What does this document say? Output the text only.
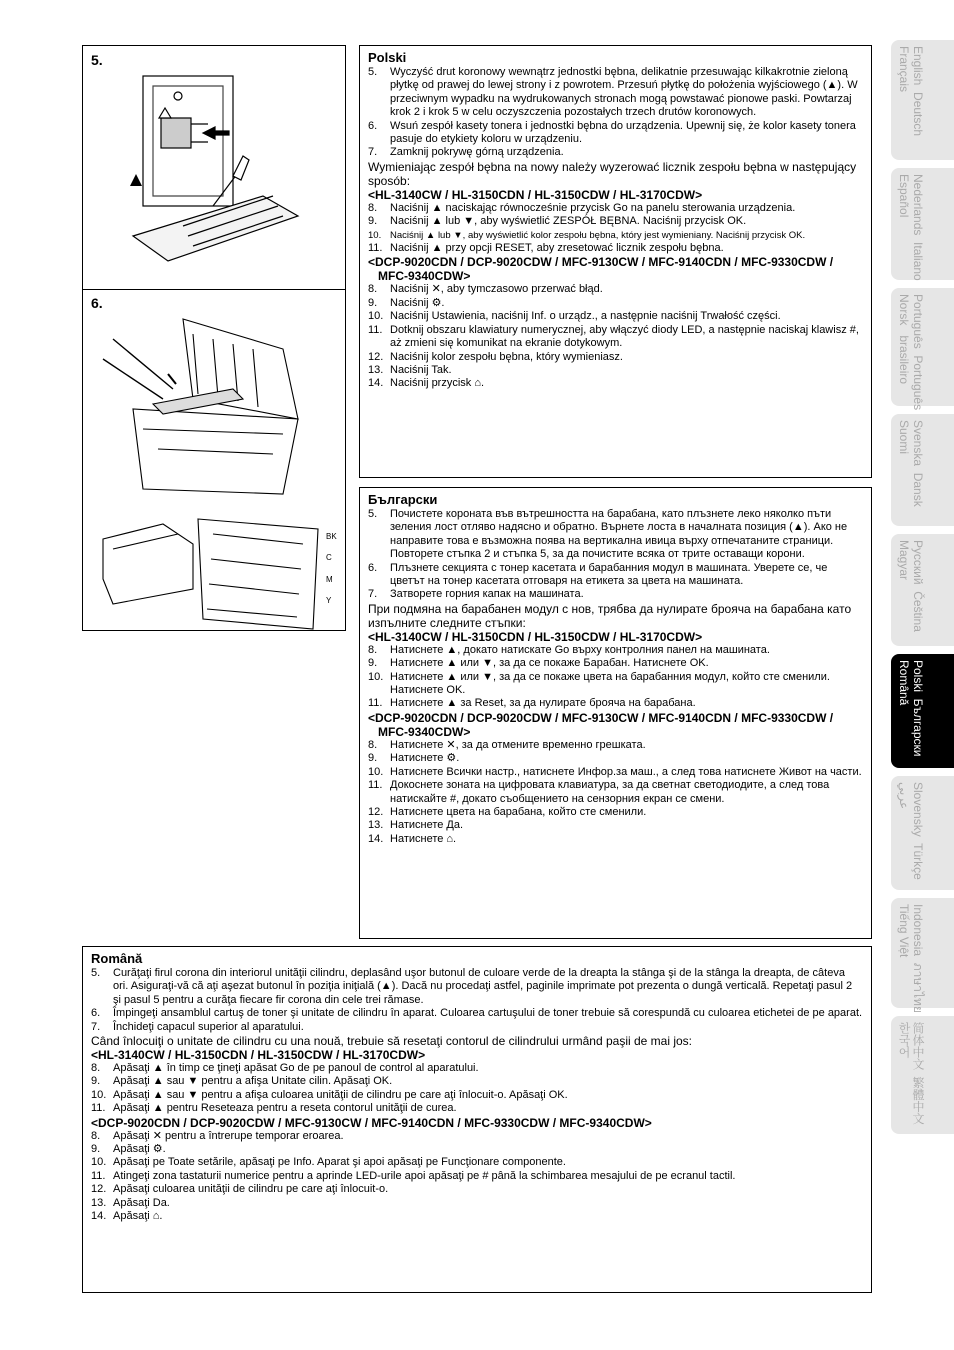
5.
6.
BK
C
M
Y
Polski
5. Wyczyść drut koronowy wewnątrz jednostki bębna, delikatnie przesuwając kilkakrotnie zieloną płytkę od prawej do lewej strony i z powrotem. Przesuń płytkę do położenia wyjściowego (▲). W przeciwnym wypadku na wydrukowanych stronach mogą powstawać pionowe paski. Powtarzaj krok 2 i krok 5 w celu oczyszczenia pozostałych trzech drutów koronowych.
6. Wsuń zespół kasety tonera i jednostki bębna do urządzenia. Upewnij się, że kolor kasety tonera pasuje do etykiety koloru w urządzeniu.
7. Zamknij pokrywę górną urządzenia.
Wymieniając zespół bębna na nowy należy wyzerować licznik zespołu bębna w następujący sposób:
<HL-3140CW / HL-3150CDN / HL-3150CDW / HL-3170CDW>
8. Naciśnij ▲ naciskając równocześnie przycisk Go na panelu sterowania urządzenia.
9. Naciśnij ▲ lub ▼, aby wyświetlić ZESPÓŁ BĘBNA. Naciśnij przycisk OK.
10. Naciśnij ▲ lub ▼, aby wyświetlić kolor zespołu bębna, który jest wymieniany. Naciśnij przycisk OK.
11. Naciśnij ▲ przy opcji RESET, aby zresetować licznik zespołu bębna.
<DCP-9020CDN / DCP-9020CDW / MFC-9130CW / MFC-9140CDN / MFC-9330CDW / MFC-9340CDW>
8. Naciśnij ✕, aby tymczasowo przerwać błąd.
9. Naciśnij ⚙.
10. Naciśnij Ustawienia, naciśnij Inf. o urządz., a następnie naciśnij Trwałość części.
11. Dotknij obszaru klawiatury numerycznej, aby włączyć diody LED, a następnie naciskaj klawisz #, aż zmieni się komunikat na ekranie dotykowym.
12. Naciśnij kolor zespołu bębna, który wymieniasz.
13. Naciśnij Tak.
14. Naciśnij przycisk ⌂.
Български
5. Почистете короната във вътрешността на барабана, като плъзнете леко няколко пъти зеления лост отляво надясно и обратно. Върнете лоста в началната позиция (▲). Ако не направите това е възможна появa на вертикална ивица върху отпечатаните страници. Повторете стъпка 2 и стъпка 5, за да почистите всяка от трите оставащи корони.
6. Плъзнете секцията с тонер касетата и барабанния модул в машината. Уверете се, че цветът на тонер касетата отговаря на етикета за цвета на машината.
7. Затворете горния капак на машината.
При подмяна на барабанен модул с нов, трябва да нулирате брояча на барабана като изпълните следните стъпки:
<HL-3140CW / HL-3150CDN / HL-3150CDW / HL-3170CDW>
8. Натиснете ▲, докато натискате Go върху контролния панел на машината.
9. Натиснете ▲ или ▼, за да се покаже Барабан. Натиснете OK.
10. Натиснете ▲ или ▼, за да се покаже цвета на барабанния модул, който сте сменили. Натиснете OK.
11. Натиснете ▲ за Reset, за да нулирате брояча на барабана.
<DCP-9020CDN / DCP-9020CDW / MFC-9130CW / MFC-9140CDN / MFC-9330CDW / MFC-9340CDW>
8. Натиснете ✕, за да отмените временно грешката.
9. Натиснете ⚙.
10. Натиснете Всички настр., натиснете Инфор.за маш., а след това натиснете Живот на части.
11. Докоснете зоната на цифровата клавиатура, за да светнат светодиодите, а след това натискайте #, докато съобщението на сензорния екран се смени.
12. Натиснете цвета на барабана, който сте сменили.
13. Натиснете Да.
14. Натиснете ⌂.
Română
5. Curăţaţi firul corona din interiorul unităţii cilindru, deplasând uşor butonul de culoare verde de la dreapta la stânga şi de la stânga la dreapta, de câteva ori. Asiguraţi-vă că aţi aşezat butonul în poziţia iniţială (▲). Dacă nu procedaţi astfel, paginile imprimate pot prezenta o dungă verticală. Repetaţi pasul 2 şi pasul 5 pentru a curăţa fiecare fir corona din cele trei rămase.
6. Împingeţi ansamblul cartuş de toner şi unitate de cilindru în aparat. Culoarea cartuşului de toner trebuie să corespundă cu culoarea etichetei de pe aparat.
7. Închideţi capacul superior al aparatului.
Când înlocuiţi o unitate de cilindru cu una nouă, trebuie să resetaţi contorul de cilindrului urmând paşii de mai jos:
<HL-3140CW / HL-3150CDN / HL-3150CDW / HL-3170CDW>
8. Apăsaţi ▲ în timp ce ţineţi apăsat Go de pe panoul de control al aparatului.
9. Apăsaţi ▲ sau ▼ pentru a afişa Unitate cilin. Apăsaţi OK.
10. Apăsaţi ▲ sau ▼ pentru a afişa culoarea unităţii de cilindru pe care aţi înlocuit-o. Apăsaţi OK.
11. Apăsaţi ▲ pentru Reseteaza pentru a reseta contorul unităţii de curea.
<DCP-9020CDN / DCP-9020CDW / MFC-9130CW / MFC-9140CDN / MFC-9330CDW / MFC-9340CDW>
8. Apăsaţi ✕ pentru a întrerupe temporar eroarea.
9. Apăsaţi ⚙.
10. Apăsaţi pe Toate setările, apăsaţi pe Info. Aparat şi apoi apăsaţi pe Funcţionare componente.
11. Atingeţi zona tastaturii numerice pentru a aprinde LED-urile apoi apăsaţi pe # până la schimbarea mesajului de pe ecranul tactil.
12. Apăsaţi culoarea unităţii de cilindru pe care aţi înlocuit-o.
13. Apăsaţi Da.
14. Apăsaţi ⌂.
English  Deutsch
Français
Nederlands  Italiano
Español
Português  Português
Norsk   brasileiro
Svenska  Dansk
Suomi
Русский  Čeština
Magyar
Polski  Български
Română
Slovensky  Türkçe
عربي
Indonesia  ภาษาไทย
Tiếng Việt
简体中文  繁體中文
한국어
